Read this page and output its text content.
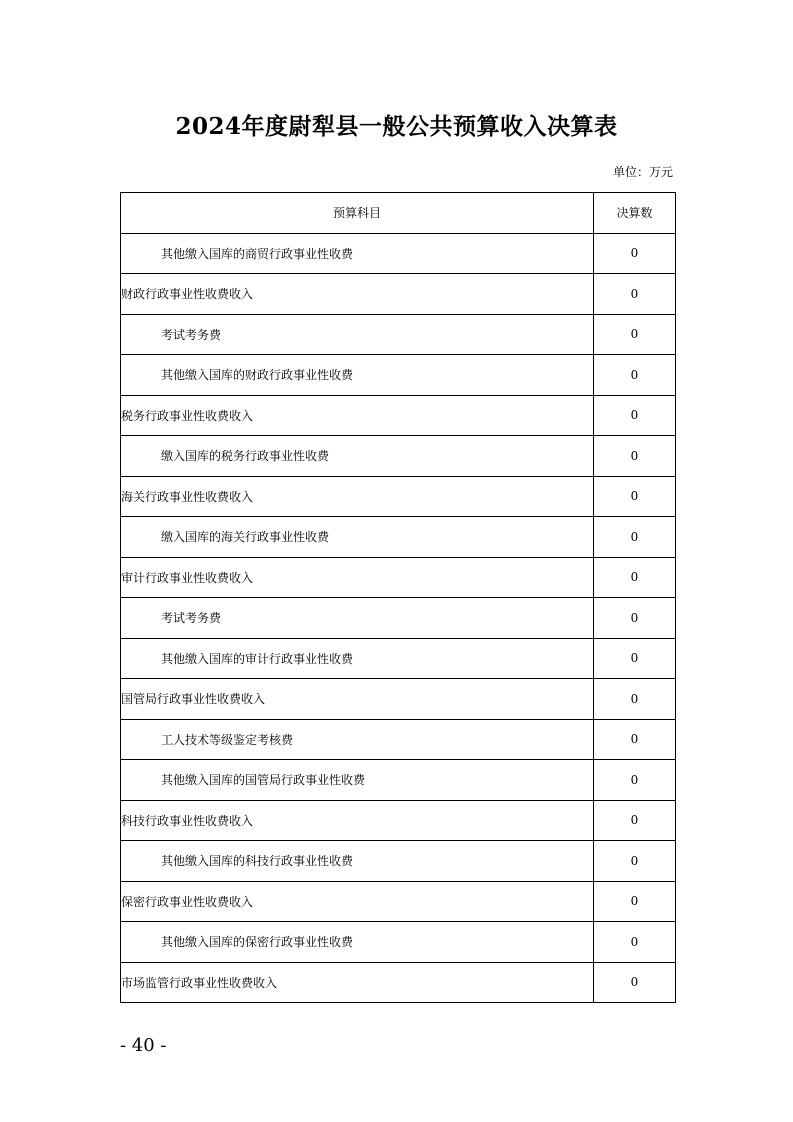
2024年度尉犁县一般公共预算收入决算表
单位：万元
预算科目	决算数
其他缴入国库的商贸行政事业性收费	0
财政行政事业性收费收入	0
考试考务费	0
其他缴入国库的财政行政事业性收费	0
税务行政事业性收费收入	0
缴入国库的税务行政事业性收费	0
海关行政事业性收费收入	0
缴入国库的海关行政事业性收费	0
审计行政事业性收费收入	0
考试考务费	0
其他缴入国库的审计行政事业性收费	0
国管局行政事业性收费收入	0
工人技术等级鉴定考核费	0
其他缴入国库的国管局行政事业性收费	0
科技行政事业性收费收入	0
其他缴入国库的科技行政事业性收费	0
保密行政事业性收费收入	0
其他缴入国库的保密行政事业性收费	0
市场监管行政事业性收费收入	0
- 40 -
